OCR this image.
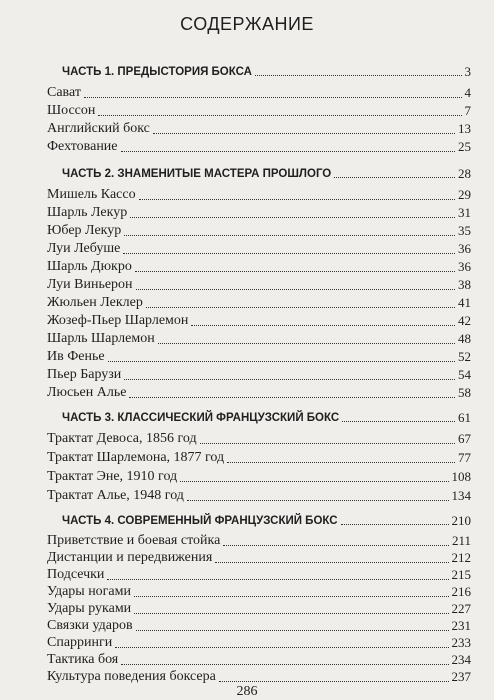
СОДЕРЖАНИЕ
ЧАСТЬ 1. ПРЕДЫСТОРИЯ БОКСА	3
Сават	4
Шоссон	7
Английский бокс	13
Фехтование	25
ЧАСТЬ 2. ЗНАМЕНИТЫЕ МАСТЕРА ПРОШЛОГО	28
Мишель Кассо	29
Шарль Лекур	31
Юбер Лекур	35
Луи Лебуше	36
Шарль Дюкро	36
Луи Виньерон	38
Жюльен Леклер	41
Жозеф-Пьер Шарлемон	42
Шарль Шарлемон	48
Ив Фенье	52
Пьер Барузи	54
Люсьен Алье	58
ЧАСТЬ 3. КЛАССИЧЕСКИЙ ФРАНЦУЗСКИЙ БОКС	61
Трактат Девоса, 1856 год	67
Трактат Шарлемона, 1877 год	77
Трактат Эне, 1910 год	108
Трактат Алье, 1948 год	134
ЧАСТЬ 4. СОВРЕМЕННЫЙ ФРАНЦУЗСКИЙ БОКС	210
Приветствие и боевая стойка	211
Дистанции и передвижения	212
Подсечки	215
Удары ногами	216
Удары руками	227
Связки ударов	231
Спарринги	233
Тактика боя	234
Культура поведения боксера	237
286
